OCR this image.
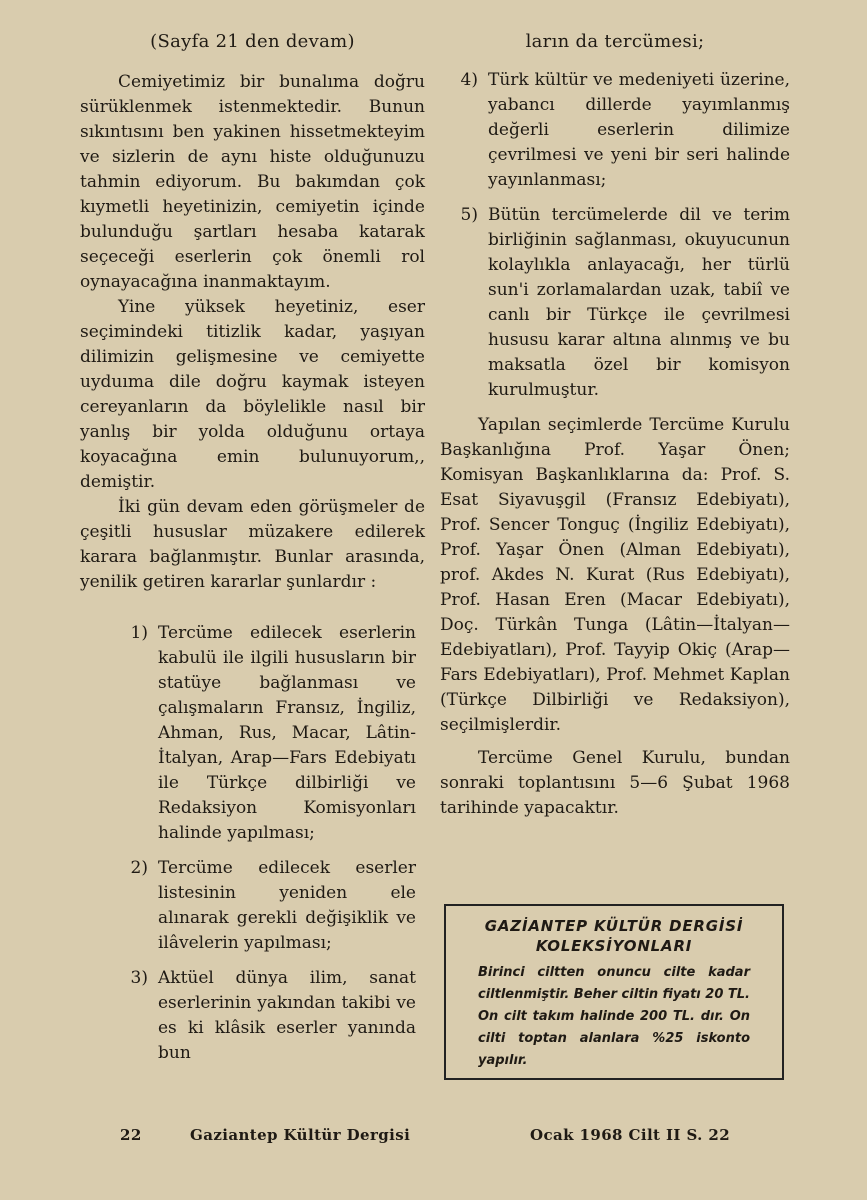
(Sayfa 21 den devam)

Cemiyetimiz bir bunalıma doğru sürüklenmek istenmektedir. Bunun sıkıntısını ben yakinen hissetmekteyim ve sizlerin de aynı histe olduğunuzu tahmin ediyorum. Bu bakımdan çok kıymetli heyetinizin, cemiyetin içinde bulunduğu şartları hesaba katarak seçeceği eserlerin çok önemli rol oynayacağına inanmaktayım.

Yine yüksek heyetiniz, eser seçimindeki titizlik kadar, yaşıyan dilimizin gelişmesine ve cemiyette uyduıma dile doğru kaymak isteyen cereyanların da böylelikle nasıl bir yanlış bir yolda olduğunu ortaya koyacağına emin bulunuyorum,, demiştir.

İki gün devam eden görüşmeler de çeşitli hususlar müzakere edilerek karara bağlanmıştır. Bunlar arasında, yenilik getiren kararlar şunlardır :

1) Tercüme edilecek eserlerin kabulü ile ilgili hususların bir statüye bağlanması ve çalışmaların Fransız, İngiliz, Ahman, Rus, Macar, Lâtin-İtalyan, Arap—Fars Edebiyatı ile Türkçe dilbirliği ve Redaksiyon Komisyonları halinde yapılması;
2) Tercüme edilecek eserler listesinin yeniden ele alınarak gerekli değişiklik ve ilâvelerin yapılması;
3) Aktüel dünya ilim, sanat eserlerinin yakından takibi ve es ki klâsik eserler yanında bun

ların da tercümesi;

4) Türk kültür ve medeniyeti üzerine, yabancı dillerde yayımlanmış değerli eserlerin dilimize çevrilmesi ve yeni bir seri halinde yayınlanması;
5) Bütün tercümelerde dil ve terim birliğinin sağlanması, okuyucunun kolaylıkla anlayacağı, her türlü sun'i zorlamalardan uzak, tabiî ve canlı bir Türkçe ile çevrilmesi hususu karar altına alınmış ve bu maksatla özel bir komisyon kurulmuştur.

Yapılan seçimlerde Tercüme Kurulu Başkanlığına Prof. Yaşar Önen; Komisyan Başkanlıklarına da: Prof. S. Esat Siyavuşgil (Fransız Edebiyatı), Prof. Sencer Tonguç (İngiliz Edebiyatı), Prof. Yaşar Önen (Alman Edebiyatı), prof. Akdes N. Kurat (Rus Edebiyatı), Prof. Hasan Eren (Macar Edebiyatı), Doç. Türkân Tunga (Lâtin—İtalyan—Edebiyatları), Prof. Tayyip Okiç (Arap—Fars Edebiyatları), Prof. Mehmet Kaplan (Türkçe Dilbirliği ve Redaksiyon), seçilmişlerdir.

Tercüme Genel Kurulu, bundan sonraki toplantısını 5—6 Şubat 1968 tarihinde yapacaktır.

GAZİANTEP KÜLTÜR DERGİSİ

KOLEKSİYONLARI

Birinci ciltten onuncu cilte kadar ciltlenmiştir. Beher ciltin fiyatı 20 TL. On cilt takım halinde 200 TL. dır. On cilti toptan alanlara %25 iskonto yapılır.

22	Gaziantep Kültür Dergisi	Ocak 1968 Cilt II S. 22
